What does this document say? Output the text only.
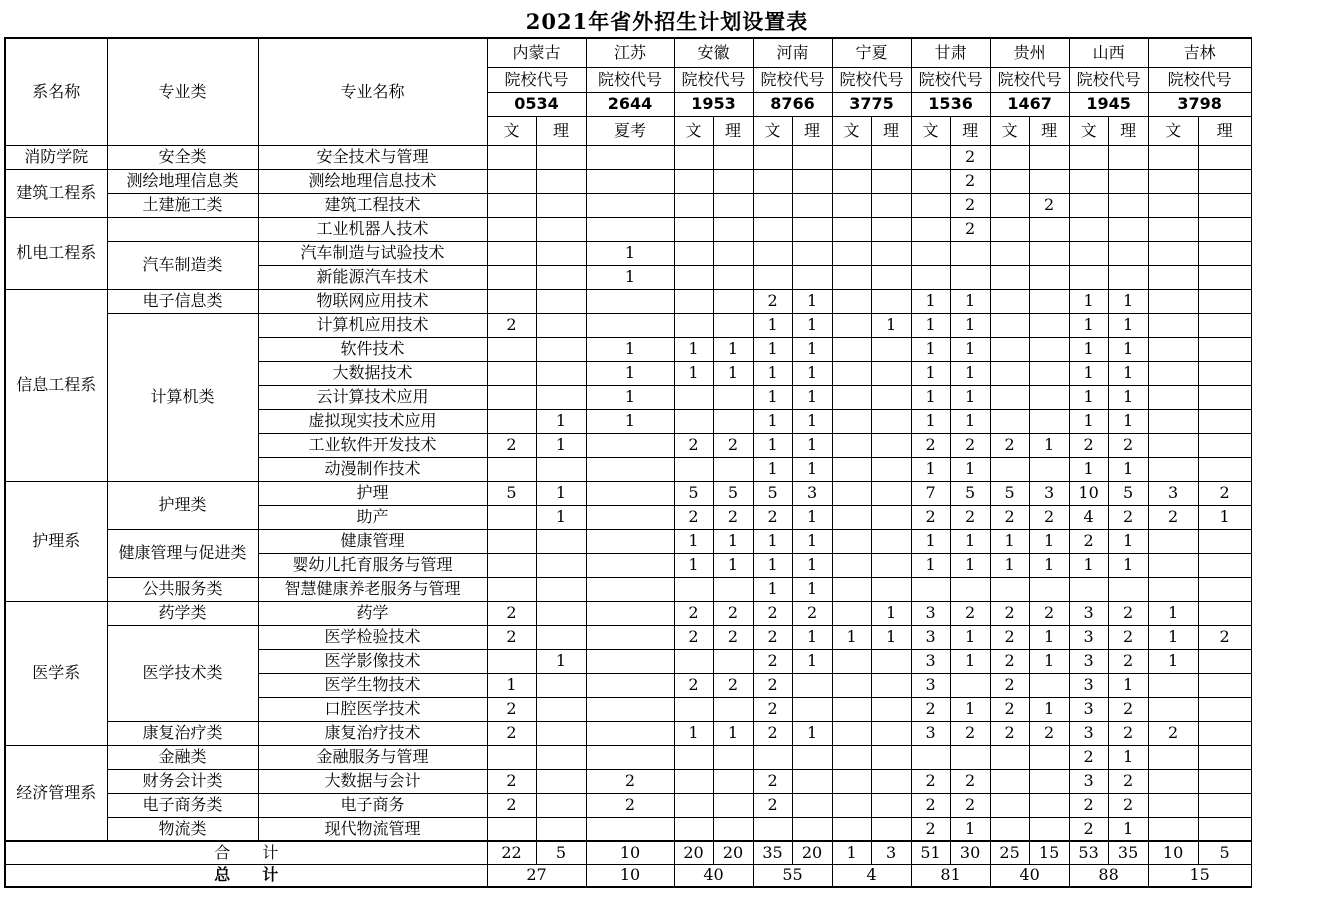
2021年省外招生计划设置表
系名称	专业类	专业名称	内蒙古		江苏	安徽		河南		宁夏		甘肃		贵州		山西		吉林		
			院校代号		院校代号	院校代号		院校代号		院校代号		院校代号		院校代号		院校代号		院校代号		
			0534		2644	1953		8766		3775		1536		1467		1945		3798		
			文	理	夏考	文	理	文	理	文	理	文	理	文	理	文	理	文	理	
消防学院	安全类	安全技术与管理											2								
建筑工程系	测绘地理信息类	测绘地理信息技术											2								
	土建施工类	建筑工程技术											2		2					
机电工程系		工业机器人技术											2								
	汽车制造类	汽车制造与试验技术			1															
		新能源汽车技术			1															
信息工程系	电子信息类	物联网应用技术						2	1			1	1			1	1				
	计算机类	计算机应用技术	2					1	1		1	1	1			1	1			
		软件技术			1	1	1	1	1			1	1			1	1			
		大数据技术			1	1	1	1	1			1	1			1	1			
		云计算技术应用			1			1	1			1	1			1	1			
		虚拟现实技术应用		1	1			1	1			1	1			1	1			
		工业软件开发技术	2	1		2	2	1	1			2	2	2	1	2	2			
		动漫制作技术						1	1			1	1			1	1			
护理系	护理类	护理	5	1		5	5	5	3			7	5	5	3	10	5	3	2		
		助产		1		2	2	2	1			2	2	2	2	4	2	2	1	
	健康管理与促进类	健康管理				1	1	1	1			1	1	1	1	2	1			
		婴幼儿托育服务与管理				1	1	1	1			1	1	1	1	1	1			
	公共服务类	智慧健康养老服务与管理						1	1											
医学系	药学类	药学	2			2	2	2	2		1	3	2	2	2	3	2	1			
	医学技术类	医学检验技术	2			2	2	2	1	1	1	3	1	2	1	3	2	1	2	
		医学影像技术		1				2	1			3	1	2	1	3	2	1		
		医学生物技术	1			2	2	2				3		2		3	1			
		口腔医学技术	2					2				2	1	2	1	3	2			
	康复治疗类	康复治疗技术	2			1	1	2	1			3	2	2	2	3	2	2		
经济管理系	金融类	金融服务与管理														2	1				
	财务会计类	大数据与会计	2		2			2				2	2			3	2			
	电子商务类	电子商务	2		2			2				2	2			2	2			
	物流类	现代物流管理										2	1			2	1			
合　　计			22	5	10	20	20	35	20	1	3	51	30	25	15	53	35	10	5		
总　　计			27		10	40		55		4		81		40		88		15		
